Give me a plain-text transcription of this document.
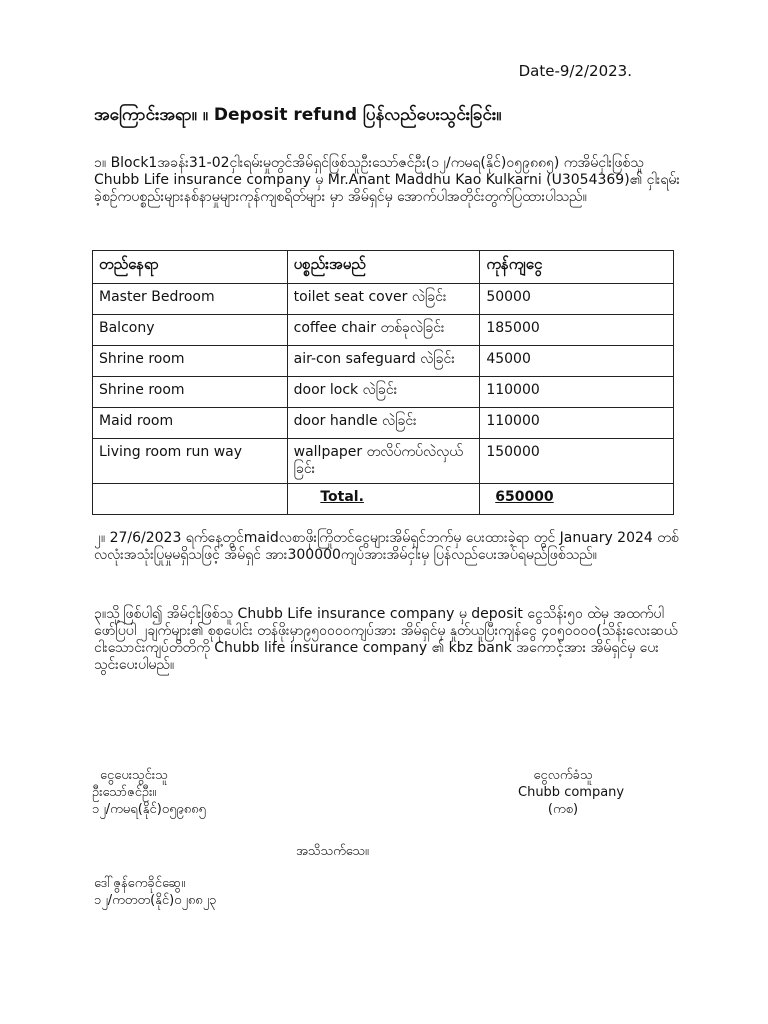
Date-9/2/2023.
အကြောင်းအရာ။ ။ Deposit refund ပြန်လည်ပေးသွင်းခြင်း။

၁။ Block1အခန်း31-02ငှါးရမ်းမှုတွင်အိမ်ရှင်ဖြစ်သူဦးသော်ဇင်ဦး(၁၂/ကမရ(နိုင်)၀၅၉၈၈၅) ကအိမ်ငှါးဖြစ်သူ Chubb Life insurance company မှ Mr.Anant Maddhu Kao Kulkarni (U3054369)၏ ငှါးရမ်းခဲ့စဉ်ကပစ္စည်းများနစ်နာမှုများကုန်ကျစရိတ်များ မှာ အိမ်ရှင်မှ အောက်ပါအတိုင်းတွက်ပြထားပါသည်။

တည်နေရာ	ပစ္စည်းအမည်	ကုန်ကျငွေ
Master Bedroom	toilet seat cover လဲခြင်း	50000
Balcony	coffee chair တစ်ခုလဲခြင်း	185000
Shrine room	air-con safeguard လဲခြင်း	45000
Shrine room	door lock လဲခြင်း	110000
Maid room	door handle လဲခြင်း	110000
Living room run way	wallpaper တလိပ်ကပ်လဲလှယ်ခြင်း	150000
	Total.	650000

၂။ 27/6/2023 ရက်နေ့တွင်maidလစာဖိုးကြိုတင်ငွေများအိမ်ရှင်ဘက်မှ ပေးထားခဲ့ရာ တွင် January 2024 တစ်လလုံးအသုံးပြုမှုမရှိသဖြင့် အိမ်ရှင် အား300000ကျပ်အားအိမ်ငှါးမှ ပြန်လည်ပေးအပ်ရမည်ဖြစ်သည်။

၃။သို့ဖြစ်ပါ၍ အိမ်ငှါးဖြစ်သူ Chubb Life insurance company မှ deposit ငွေသိန်း၅၀ ထဲမှ အထက်ပါဖော်ပြပါ ၂ချက်များ၏ စုစုပေါင်း တန်ဖိုးမှာ၉၅၀၀၀၀ကျပ်အား အိမ်ရှင်မှ နှုတ်ယူပြီးကျန်ငွေ ၄၀၅၀၀၀၀(သိန်းလေးဆယ်ငါးသောင်းကျပ်တိတိကို Chubb life insurance company ၏ kbz bank အကောင့်အား အိမ်ရှင်မှ ပေးသွင်းပေးပါမည်။

ငွေပေးသွင်းသူ
ဦးသော်ဇင်ဦး။
၁၂/ကမရ(နိုင်)၀၅၉၈၈၅
ငွေလက်ခံသူ
Chubb company
(ကစ)
အသိသက်သေ။
ဒေါ်ဇွန်ကေခိုင်ဆွေ။
၁၂/ကတတ(နိုင်)၀၂၈၈၂၃
